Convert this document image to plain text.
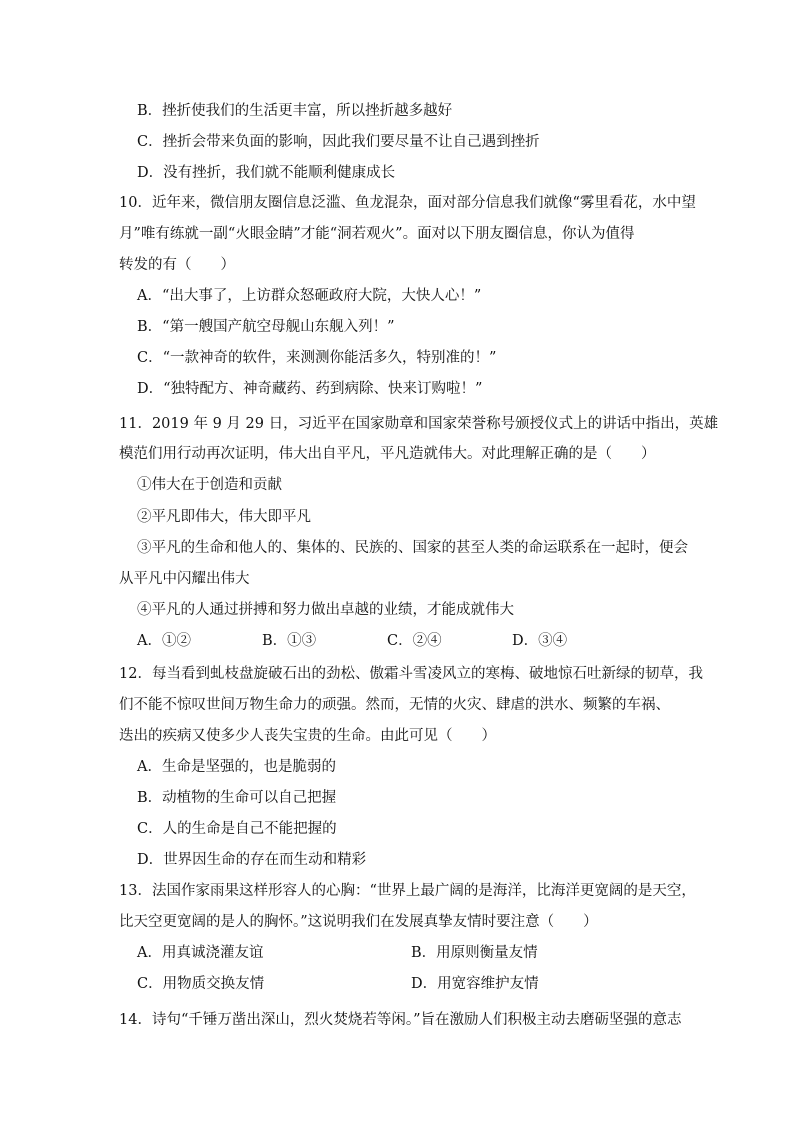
B．挫折使我们的生活更丰富，所以挫折越多越好
C．挫折会带来负面的影响，因此我们要尽量不让自己遇到挫折
D．没有挫折，我们就不能顺利健康成长
10．近年来，微信朋友圈信息泛滥、鱼龙混杂，面对部分信息我们就像“雾里看花，水中望
月”唯有练就一副“火眼金睛”才能“洞若观火”。面对以下朋友圈信息，你认为值得
转发的有（　　）
A．“出大事了，上访群众怒砸政府大院，大快人心！”
B．“第一艘国产航空母舰山东舰入列！”
C．“一款神奇的软件，来测测你能活多久，特别准的！”
D．“独特配方、神奇藏药、药到病除、快来订购啦！”
11．2019 年 9 月 29 日，习近平在国家勋章和国家荣誉称号颁授仪式上的讲话中指出，英雄
模范们用行动再次证明，伟大出自平凡，平凡造就伟大。对此理解正确的是（　　）
①伟大在于创造和贡献
②平凡即伟大，伟大即平凡
③平凡的生命和他人的、集体的、民族的、国家的甚至人类的命运联系在一起时，便会
从平凡中闪耀出伟大
④平凡的人通过拼搏和努力做出卓越的业绩，才能成就伟大
A．①②	B．①③	C．②④	D．③④
12．每当看到虬枝盘旋破石出的劲松、傲霜斗雪凌风立的寒梅、破地惊石吐新绿的韧草，我
们不能不惊叹世间万物生命力的顽强。然而，无情的火灾、肆虐的洪水、频繁的车祸、
迭出的疾病又使多少人丧失宝贵的生命。由此可见（　　）
A．生命是坚强的，也是脆弱的
B．动植物的生命可以自己把握
C．人的生命是自己不能把握的
D．世界因生命的存在而生动和精彩
13．法国作家雨果这样形容人的心胸：“世界上最广阔的是海洋，比海洋更宽阔的是天空，
比天空更宽阔的是人的胸怀。”这说明我们在发展真挚友情时要注意（　　）
A．用真诚浇灌友谊	B．用原则衡量友情
C．用物质交换友情	D．用宽容维护友情
14．诗句“千锤万凿出深山，烈火焚烧若等闲。”旨在激励人们积极主动去磨砺坚强的意志
